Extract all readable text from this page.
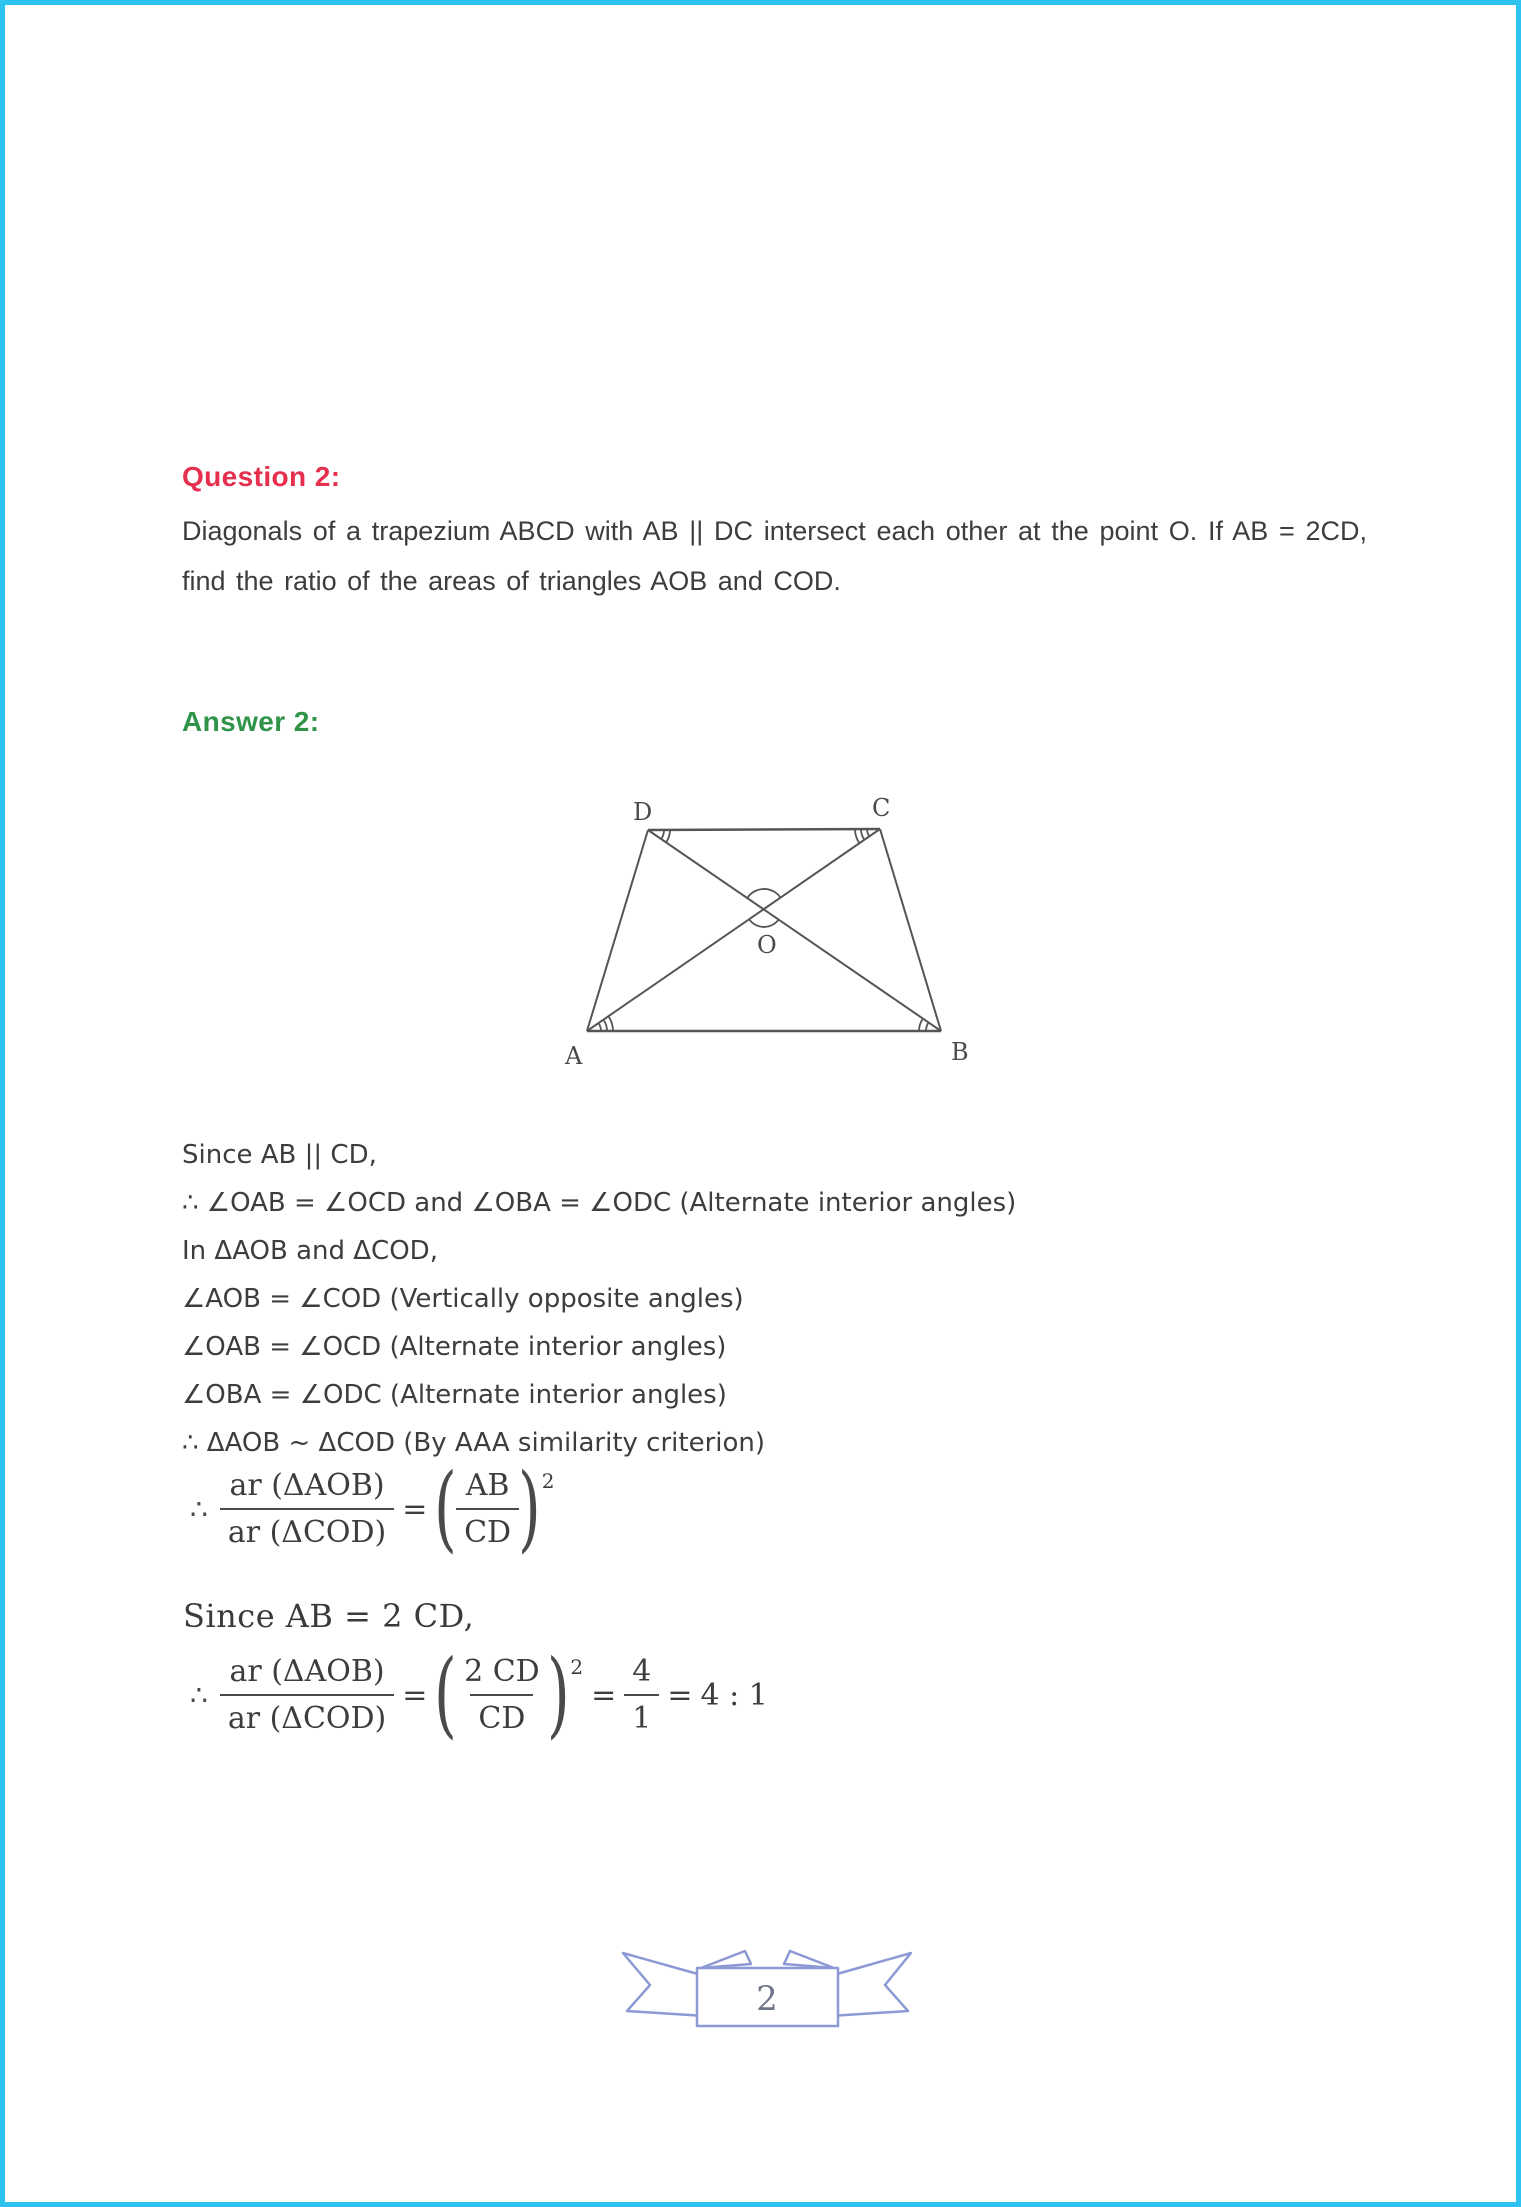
Question 2:
Diagonals of a trapezium ABCD with AB || DC intersect each other at the point O. If AB = 2CD, find the ratio of the areas of triangles AOB and COD.
Answer 2:
D	C
A	B
O
Since AB || CD,
∴ ∠OAB = ∠OCD and ∠OBA = ∠ODC (Alternate interior angles)
In ΔAOB and ΔCOD,
∠AOB = ∠COD (Vertically opposite angles)
∠OAB = ∠OCD (Alternate interior angles)
∠OBA = ∠ODC (Alternate interior angles)
∴ ΔAOB ~ ΔCOD (By AAA similarity criterion)
∴ $\frac{\text{ar (ΔAOB)}}{\text{ar (ΔCOD)}}$ = (
$\frac{AB}{CD}$
) 2
Since AB = 2 CD,
∴ $\frac{\text{ar (ΔAOB)}}{\text{ar (ΔCOD)}}$ = (
$\frac{2 CD}{CD}$
) 2
= $\frac{4}{1} = 4$ : 1
2
